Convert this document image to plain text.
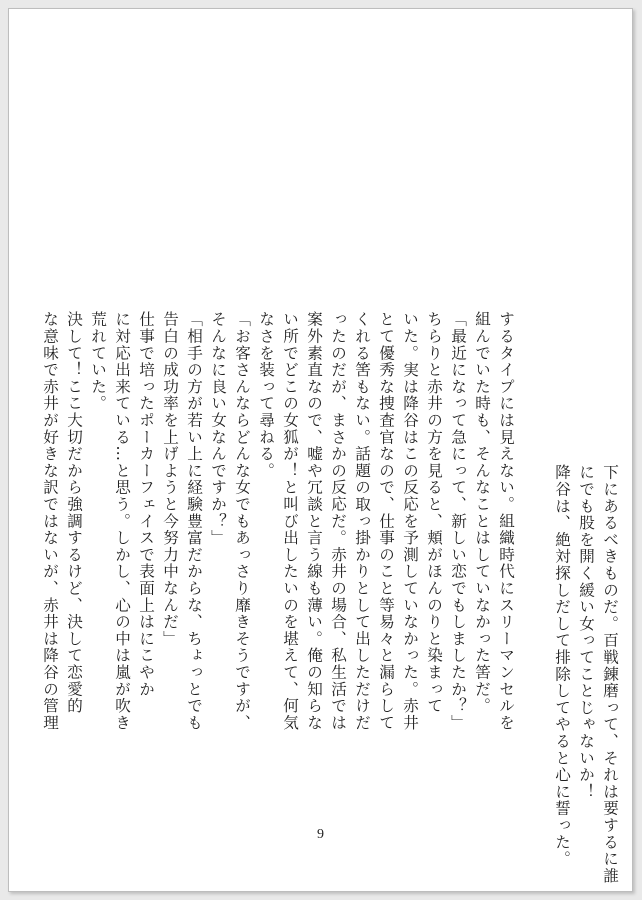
するタイプには見えない。組織時代にスリーマンセルを
組んでいた時も、そんなことはしていなかった筈だ。
「最近になって急にって、新しい恋でもしましたか？」
ちらりと赤井の方を見ると、頬がほんのりと染まって
いた。実は降谷はこの反応を予測していなかった。赤井
とて優秀な捜査官なので、仕事のこと等易々と漏らして
くれる筈もない。話題の取っ掛かりとして出しただけだ
ったのだが、まさかの反応だ。赤井の場合、私生活では
案外素直なので、嘘や冗談と言う線も薄い。俺の知らな
い所でどこの女狐が！と叫び出したいのを堪えて、何気
なさを装って尋ねる。
「お客さんならどんな女でもあっさり靡きそうですが、
そんなに良い女なんですか？」
「相手の方が若い上に経験豊富だからな、ちょっとでも
告白の成功率を上げようと今努力中なんだ」
仕事で培ったポーカーフェイスで表面上はにこやか
に対応出来ている…と思う。しかし、心の中は嵐が吹き
荒れていた。
決して！ここ大切だから強調するけど、決して恋愛的
な意味で赤井が好きな訳ではないが、赤井は降谷の管理	下にあるべきものだ。百戦錬磨って、それは要するに誰
にでも股を開く緩い女ってことじゃないか！
降谷は、絶対探しだして排除してやると心に誓った。
9
